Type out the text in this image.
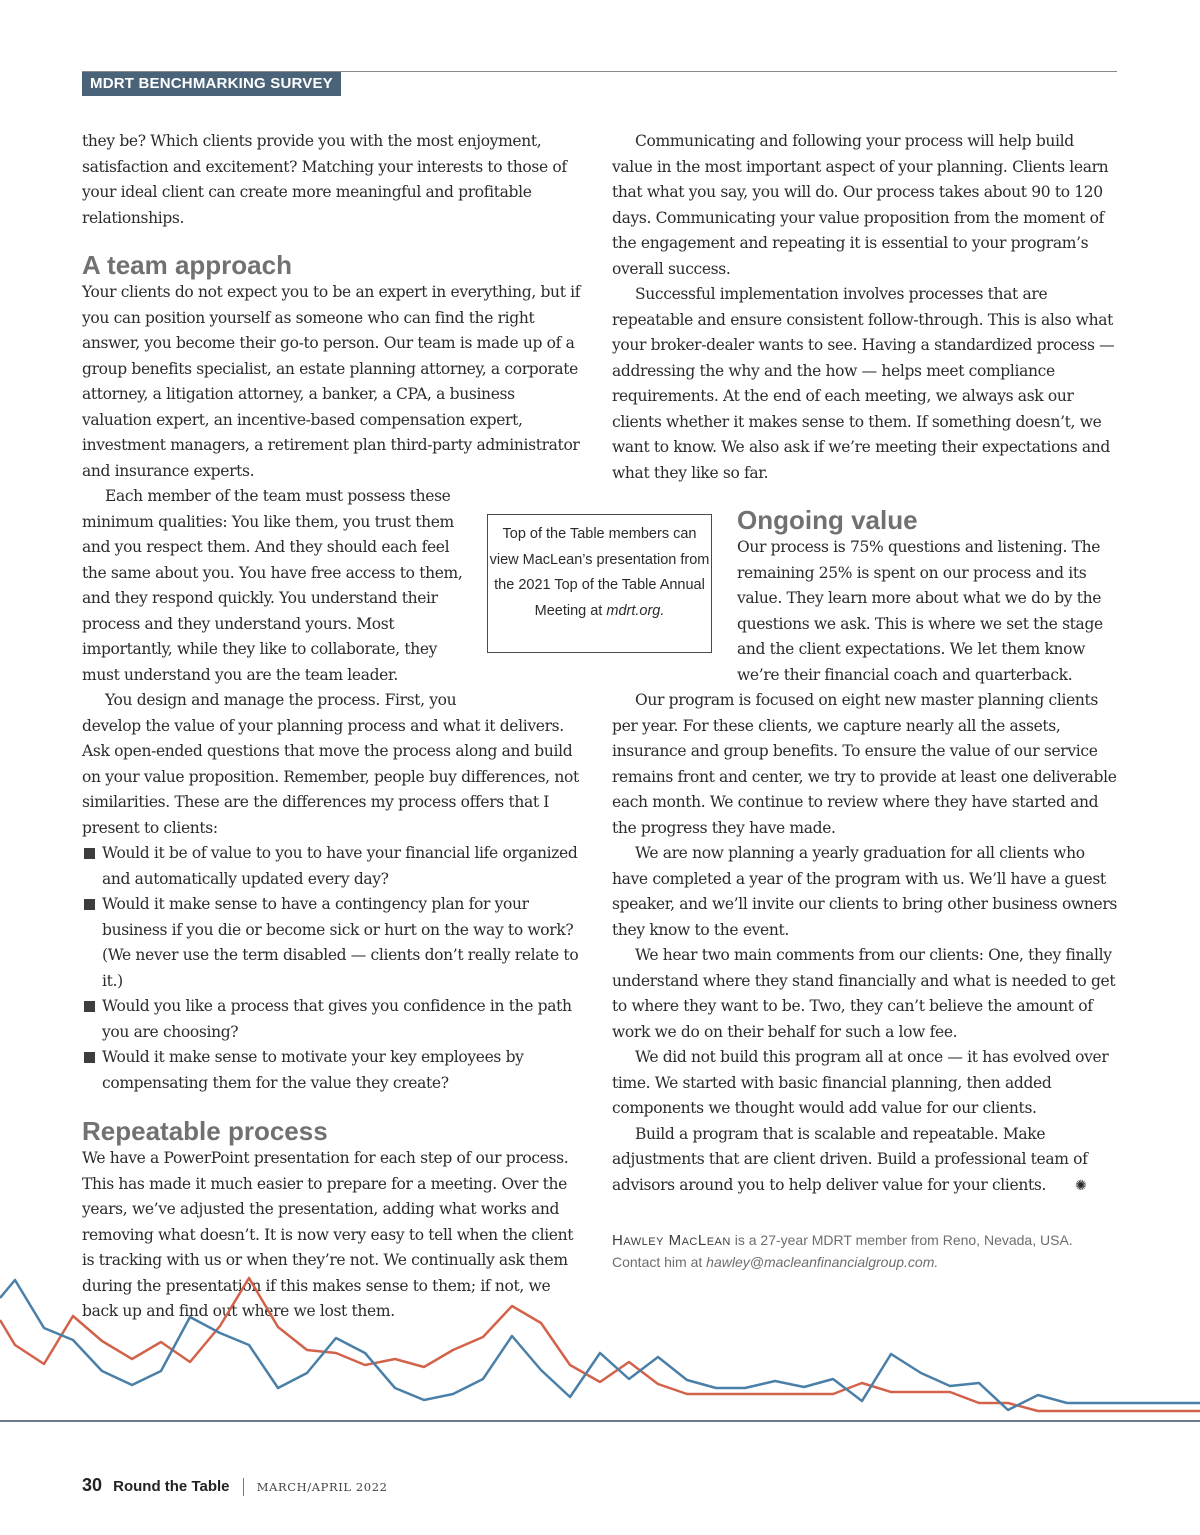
MDRT BENCHMARKING SURVEY

they be? Which clients provide you with the most enjoyment, satisfaction and excitement? Matching your interests to those of your ideal client can create more meaningful and profitable relationships.

A team approach

Your clients do not expect you to be an expert in everything, but if you can position yourself as someone who can find the right answer, you become their go-to person. Our team is made up of a group benefits specialist, an estate planning attorney, a corporate attorney, a litigation attorney, a banker, a CPA, a business valuation expert, an incentive-based compensation expert, investment managers, a retirement plan third-party administrator and insurance experts.

Each member of the team must possess these minimum qualities: You like them, you trust them and you respect them. And they should each feel the same about you. You have free access to them, and they respond quickly. You understand their process and they understand yours. Most importantly, while they like to collaborate, they must understand you are the team leader.

You design and manage the process. First, you

develop the value of your planning process and what it delivers. Ask open-ended questions that move the process along and build on your value proposition. Remember, people buy differences, not similarities. These are the differences my process offers that I present to clients:

Would it be of value to you to have your financial life organized and automatically updated every day?
Would it make sense to have a contingency plan for your business if you die or become sick or hurt on the way to work? (We never use the term disabled — clients don’t really relate to it.)
Would you like a process that gives you confidence in the path you are choosing?
Would it make sense to motivate your key employees by compensating them for the value they create?
Repeatable process

We have a PowerPoint presentation for each step of our process. This has made it much easier to prepare for a meeting. Over the years, we’ve adjusted the presentation, adding what works and removing what doesn’t. It is now very easy to tell when the client is tracking with us or when they’re not. We continually ask them during the presentation if this makes sense to them; if not, we back up and find out where we lost them.

Top of the Table members can view MacLean’s presentation from the 2021 Top of the Table Annual Meeting at mdrt.org.

Communicating and following your process will help build value in the most important aspect of your planning. Clients learn that what you say, you will do. Our process takes about 90 to 120 days. Communicating your value proposition from the moment of the engagement and repeating it is essential to your program’s overall success.

Successful implementation involves processes that are repeatable and ensure consistent follow-through. This is also what your broker-dealer wants to see. Having a standardized process — addressing the why and the how — helps meet compliance requirements. At the end of each meeting, we always ask our clients whether it makes sense to them. If something doesn’t, we want to know. We also ask if we’re meeting their expectations and what they like so far.

Ongoing value

Our process is 75% questions and listening. The remaining 25% is spent on our process and its value. They learn more about what we do by the questions we ask. This is where we set the stage and the client expectations. We let them know we’re their financial coach and quarterback.

Our program is focused on eight new master planning clients per year. For these clients, we capture nearly all the assets, insurance and group benefits. To ensure the value of our service remains front and center, we try to provide at least one deliverable each month. We continue to review where they have started and the progress they have made.

We are now planning a yearly graduation for all clients who have completed a year of the program with us. We’ll have a guest speaker, and we’ll invite our clients to bring other business owners they know to the event.

We hear two main comments from our clients: One, they finally understand where they stand financially and what is needed to get to where they want to be. Two, they can’t believe the amount of work we do on their behalf for such a low fee.

We did not build this program all at once — it has evolved over time. We started with basic financial planning, then added components we thought would add value for our clients.

Build a program that is scalable and repeatable. Make adjustments that are client driven. Build a professional team of advisors around you to help deliver value for your clients. ✺

Hawley MacLean is a 27-year MDRT member from Reno, Nevada, USA.
Contact him at hawley@macleanfinancialgroup.com.
30 Round the Table MARCH/APRIL 2022
